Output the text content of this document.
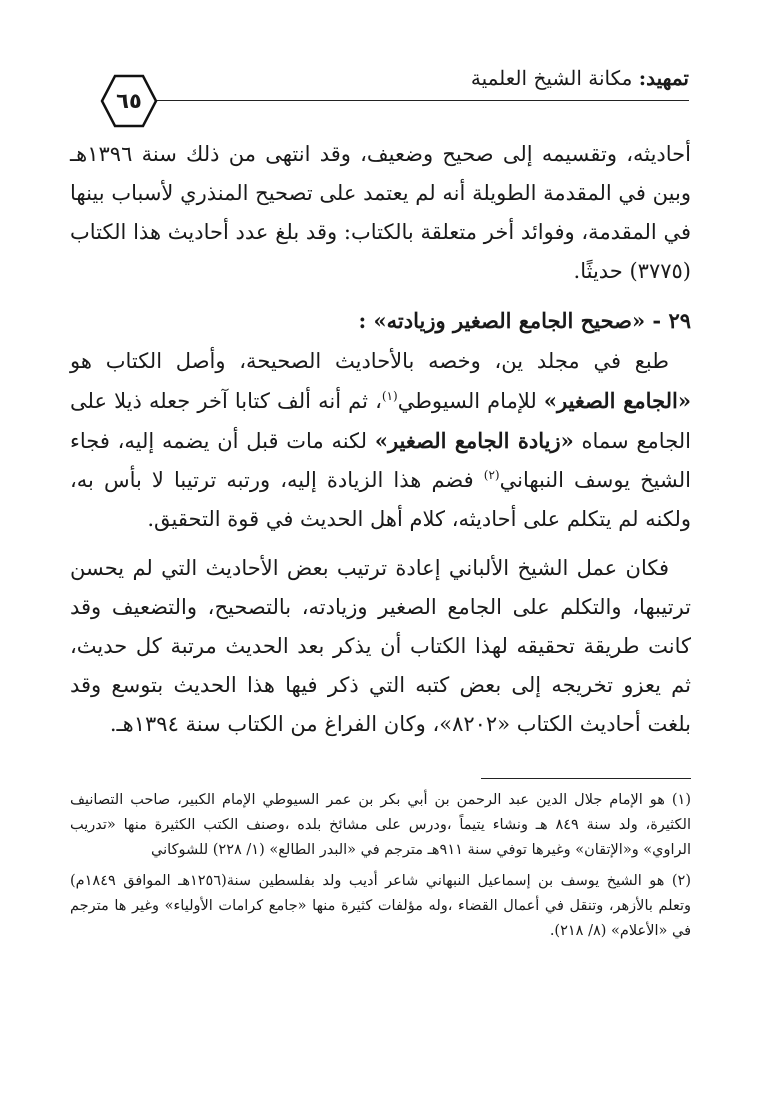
تمهيد: مكانة الشيخ العلمية
٦٥

أحاديثه، وتقسيمه إلى صحيح وضعيف، وقد انتهى من ذلك سنة ١٣٩٦هـ وبين في المقدمة الطويلة أنه لم يعتمد على تصحيح المنذري لأسباب بينها في المقدمة، وفوائد أخر متعلقة بالكتاب: وقد بلغ عدد أحاديث هذا الكتاب (٣٧٧٥) حديثًا.

٢٩ - «صحيح الجامع الصغير وزيادته» :

طبع في مجلد ين، وخصه بالأحاديث الصحيحة، وأصل الكتاب هو «الجامع الصغير» للإمام السيوطي$^{(١)}$، ثم أنه ألف كتابا آخر جعله ذيلا على الجامع سماه «زيادة الجامع الصغير» لكنه مات قبل أن يضمه إليه، فجاء الشيخ يوسف النبهاني$^{(٢)}$ فضم هذا الزيادة إليه، ورتبه ترتيبا لا بأس به، ولكنه لم يتكلم على أحاديثه، كلام أهل الحديث في قوة التحقيق.

فكان عمل الشيخ الألباني إعادة ترتيب بعض الأحاديث التي لم يحسن ترتيبها، والتكلم على الجامع الصغير وزيادته، بالتصحيح، والتضعيف وقد كانت طريقة تحقيقه لهذا الكتاب أن يذكر بعد الحديث مرتبة كل حديث، ثم يعزو تخريجه إلى بعض كتبه التي ذكر فيها هذا الحديث بتوسع وقد بلغت أحاديث الكتاب «٨٢٠٢»، وكان الفراغ من الكتاب سنة ١٣٩٤هـ.

(١) هو الإمام جلال الدين عبد الرحمن بن أبي بكر بن عمر السيوطي الإمام الكبير، صاحب التصانيف الكثيرة، ولد سنة ٨٤٩ هـ ونشاء يتيماً ،ودرس على مشائخ بلده ،وصنف الكتب الكثيرة منها «تدريب الراوي» و«الإتقان» وغيرها توفي سنة ٩١١هـ مترجم في «البدر الطالع» (١/ ٢٢٨) للشوكاني

(٢) هو الشيخ يوسف بن إسماعيل النبهاني شاعر أديب ولد بفلسطين سنة(١٢٥٦هـ الموافق ١٨٤٩م) وتعلم بالأزهر، وتنقل في أعمال القضاء ،وله مؤلفات كثيرة منها «جامع كرامات الأولياء» وغير ها مترجم في «الأعلام» (٨/ ٢١٨).
